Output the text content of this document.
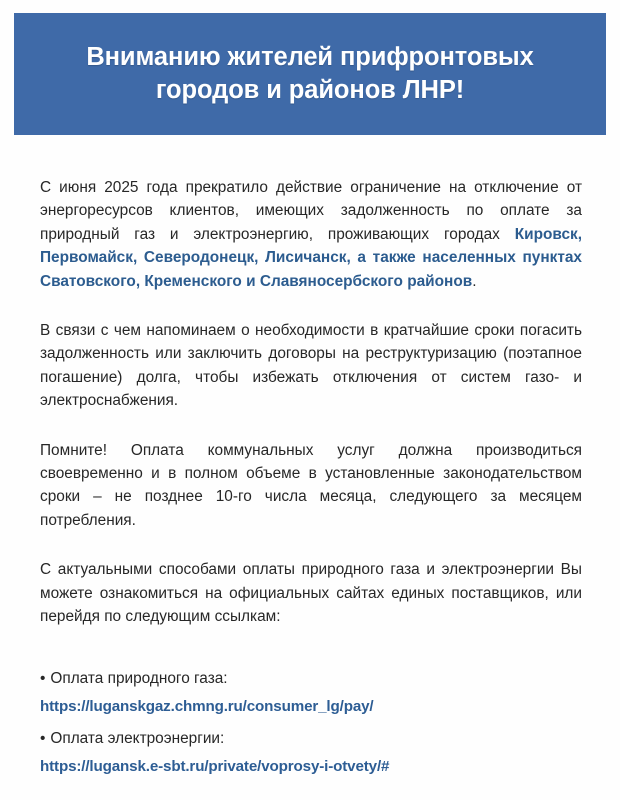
Вниманию жителей прифронтовых
городов и районов ЛНР!

С июня 2025 года прекратило действие ограничение на отключение от энергоресурсов клиентов, имеющих задолженность по оплате за природный газ и электроэнергию, проживающих городах Кировск, Первомайск, Северодонецк, Лисичанск, а также населенных пунктах Сватовского, Кременского и Славяносербского районов.

В связи с чем напоминаем о необходимости в кратчайшие сроки погасить задолженность или заключить договоры на реструктуризацию (поэтапное погашение) долга, чтобы избежать отключения от систем газо- и электроснабжения.

Помните! Оплата коммунальных услуг должна производиться своевременно и в полном объеме в установленные законодательством сроки – не позднее 10-го числа месяца, следующего за месяцем потребления.

С актуальными способами оплаты природного газа и электроэнергии Вы можете ознакомиться на официальных сайтах единых поставщиков, или перейдя по следующим ссылкам:

• Оплата природного газа:
https://luganskgaz.chmng.ru/consumer_lg/pay/
• Оплата электроэнергии:
https://lugansk.e-sbt.ru/private/voprosy-i-otvety/#
